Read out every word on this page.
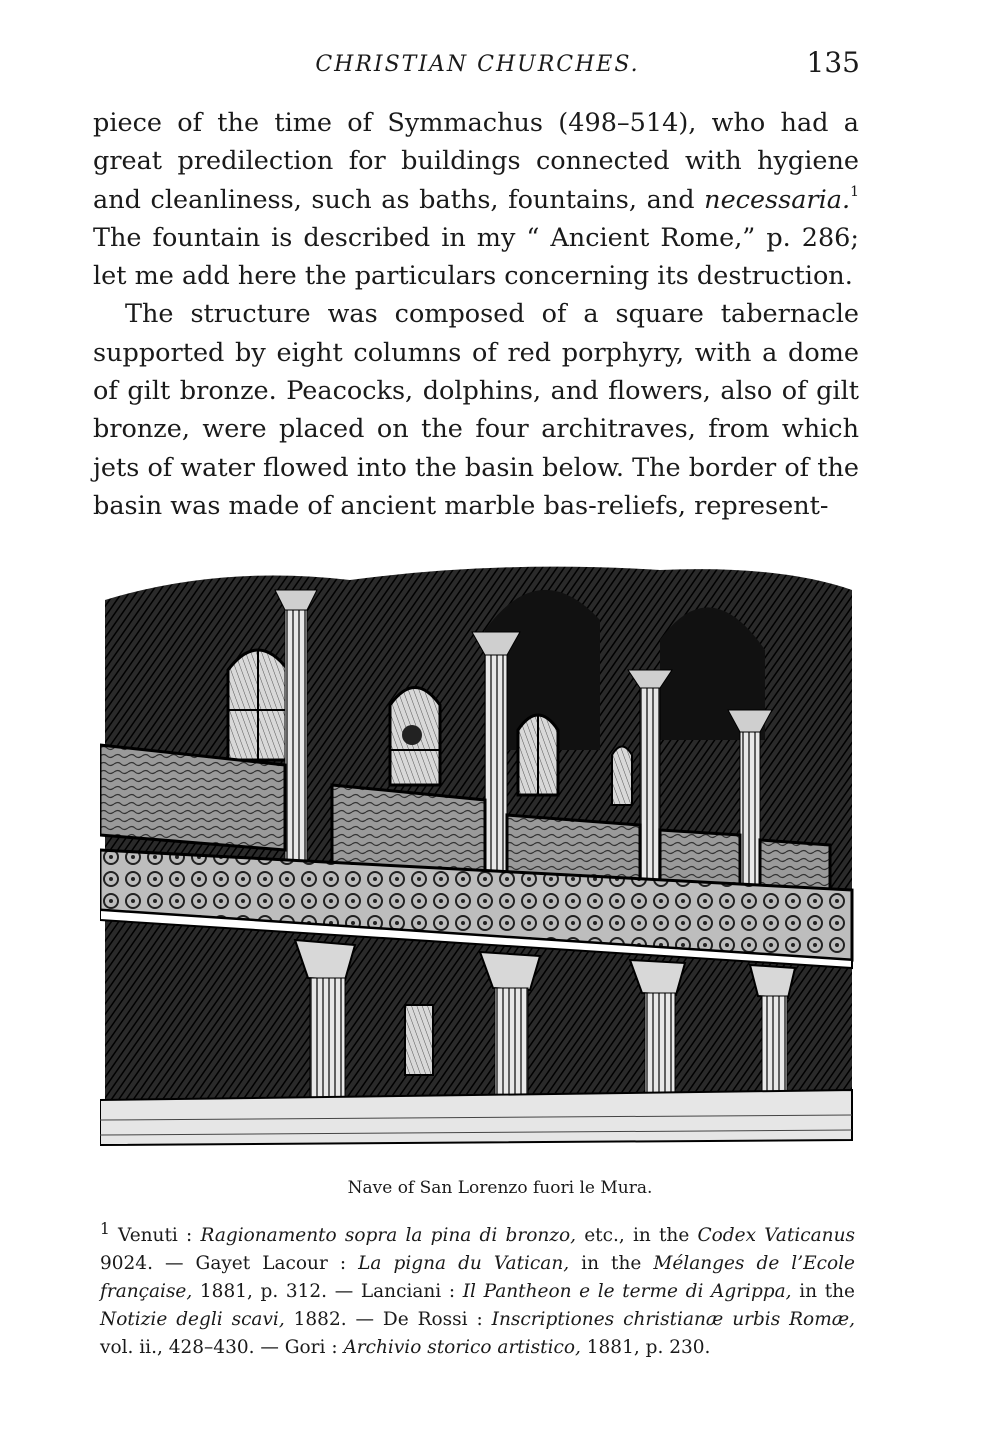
CHRISTIAN CHURCHES.	135

piece of the time of Symmachus (498–514), who had a great predilection for buildings connected with hygiene and cleanliness, such as baths, fountains, and necessaria.$^1$ The fountain is described in my “ Ancient Rome,” p. 286; let me add here the particulars concerning its destruction.

The structure was composed of a square tabernacle supported by eight columns of red porphyry, with a dome of gilt bronze. Peacocks, dolphins, and flowers, also of gilt bronze, were placed on the four architraves, from which jets of water flowed into the basin below. The border of the basin was made of ancient marble bas-reliefs, represent-

Nave of San Lorenzo fuori le Mura.
$^1$ Venuti : Ragionamento sopra la pina di bronzo, etc., in the Codex Vaticanus 9024. — Gayet Lacour : La pigna du Vatican, in the Mélanges de l’Ecole française, 1881, p. 312. — Lanciani : Il Pantheon e le terme di Agrippa, in the Notizie degli scavi, 1882. — De Rossi : Inscriptiones christianæ urbis Romæ, vol. ii., 428–430. — Gori : Archivio storico artistico, 1881, p. 230.
